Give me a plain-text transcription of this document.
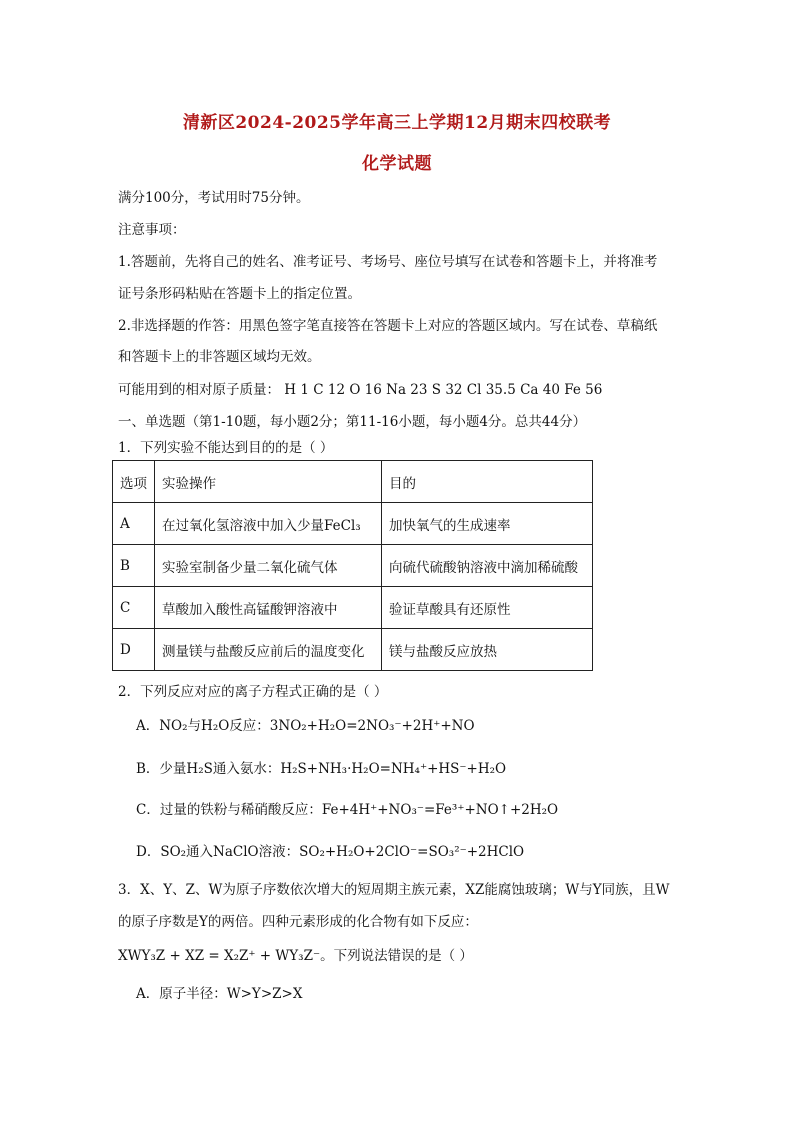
清新区2024-2025学年高三上学期12月期末四校联考
化学试题
满分100分，考试用时75分钟。
注意事项：
1.答题前，先将自己的姓名、准考证号、考场号、座位号填写在试卷和答题卡上，并将准考
证号条形码粘贴在答题卡上的指定位置。
2.非选择题的作答：用黑色签字笔直接答在答题卡上对应的答题区域内。写在试卷、草稿纸
和答题卡上的非答题区域均无效。
可能用到的相对原子质量： H 1 C 12 O 16 Na 23 S 32 Cl 35.5 Ca 40 Fe 56
一、单选题（第1-10题，每小题2分；第11-16小题，每小题4分。总共44分）
1．下列实验不能达到目的的是（ ）
选项	实验操作	目的
A	在过氧化氢溶液中加入少量FeCl₃	加快氧气的生成速率
B	实验室制备少量二氧化硫气体	向硫代硫酸钠溶液中滴加稀硫酸
C	草酸加入酸性高锰酸钾溶液中	验证草酸具有还原性
D	测量镁与盐酸反应前后的温度变化	镁与盐酸反应放热
2．下列反应对应的离子方程式正确的是（ ）
A．NO₂与H₂O反应：3NO₂+H₂O=2NO₃⁻+2H⁺+NO
B．少量H₂S通入氨水：H₂S+NH₃·H₂O=NH₄⁺+HS⁻+H₂O
C．过量的铁粉与稀硝酸反应：Fe+4H⁺+NO₃⁻=Fe³⁺+NO↑+2H₂O
D．SO₂通入NaClO溶液：SO₂+H₂O+2ClO⁻=SO₃²⁻+2HClO
3．X、Y、Z、W为原子序数依次增大的短周期主族元素，XZ能腐蚀玻璃；W与Y同族，且W
的原子序数是Y的两倍。四种元素形成的化合物有如下反应：
XWY₃Z + XZ = X₂Z⁺ + WY₃Z⁻。下列说法错误的是（ ）
A．原子半径：W>Y>Z>X
